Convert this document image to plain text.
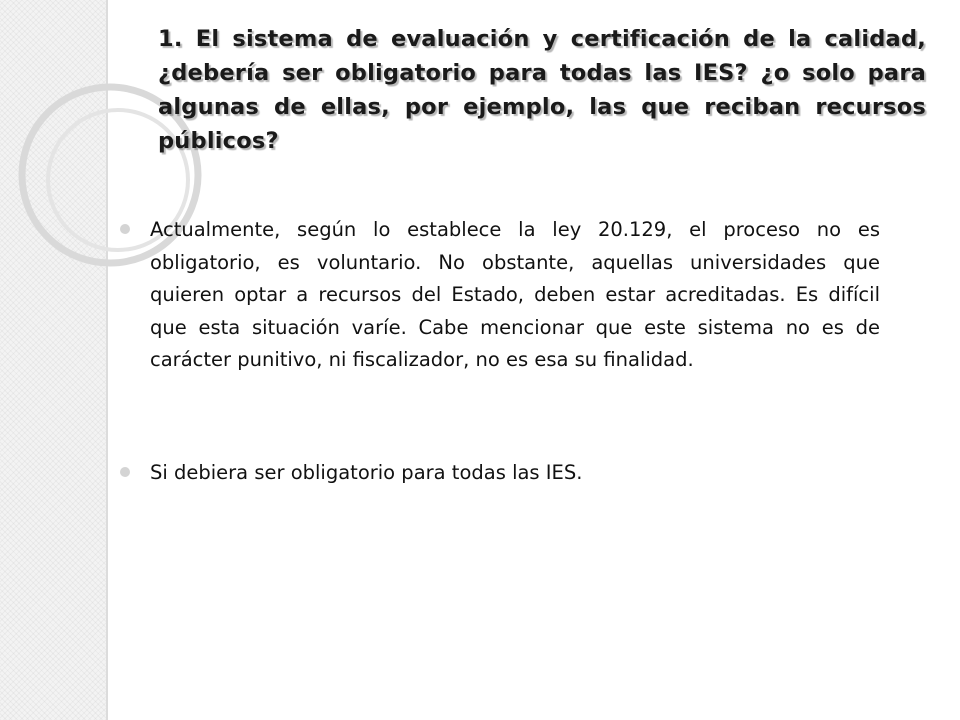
1. El sistema de evaluación y certificación de la calidad, ¿debería ser obligatorio para todas las IES? ¿o solo para algunas de ellas, por ejemplo, las que reciban recursos públicos?
Actualmente, según lo establece la ley 20.129, el proceso no es obligatorio, es voluntario. No obstante, aquellas universidades que quieren optar a recursos del Estado, deben estar acreditadas. Es difícil que esta situación varíe. Cabe mencionar que este sistema no es de carácter punitivo, ni fiscalizador, no es esa su finalidad.
Si debiera ser obligatorio para todas las IES.
